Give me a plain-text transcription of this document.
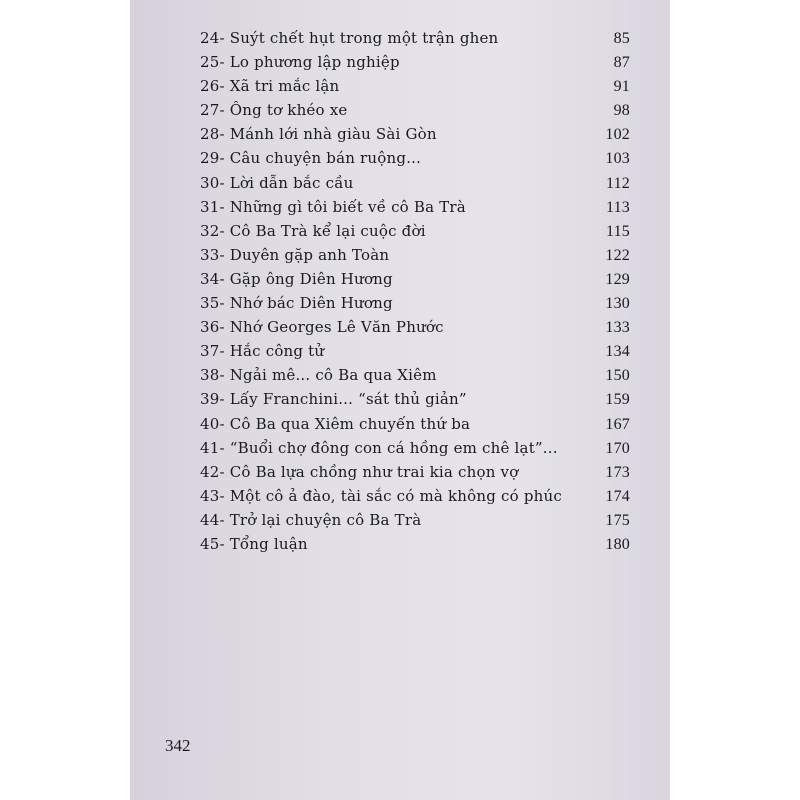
24- Suýt chết hụt trong một trận ghen	85
25- Lo phương lập nghiệp	87
26- Xã tri mắc lận	91
27- Ông tơ khéo xe	98
28- Mánh lới nhà giàu Sài Gòn	102
29- Câu chuyện bán ruộng...	103
30- Lời dẫn bắc cầu	112
31- Những gì tôi biết về cô Ba Trà	113
32- Cô Ba Trà kể lại cuộc đời	115
33- Duyên gặp anh Toàn	122
34- Gặp ông Diên Hương	129
35- Nhớ bác Diên Hương	130
36- Nhớ Georges Lê Văn Phước	133
37- Hắc công tử	134
38- Ngải mê... cô Ba qua Xiêm	150
39- Lấy Franchini... “sát thủ giản”	159
40- Cô Ba qua Xiêm chuyến thứ ba	167
41- “Buổi chợ đông con cá hồng em chê lạt”...	170
42- Cô Ba lựa chồng như trai kia chọn vợ	173
43- Một cô ả đào, tài sắc có mà không có phúc	174
44- Trở lại chuyện cô Ba Trà	175
45- Tổng luận	180
342
